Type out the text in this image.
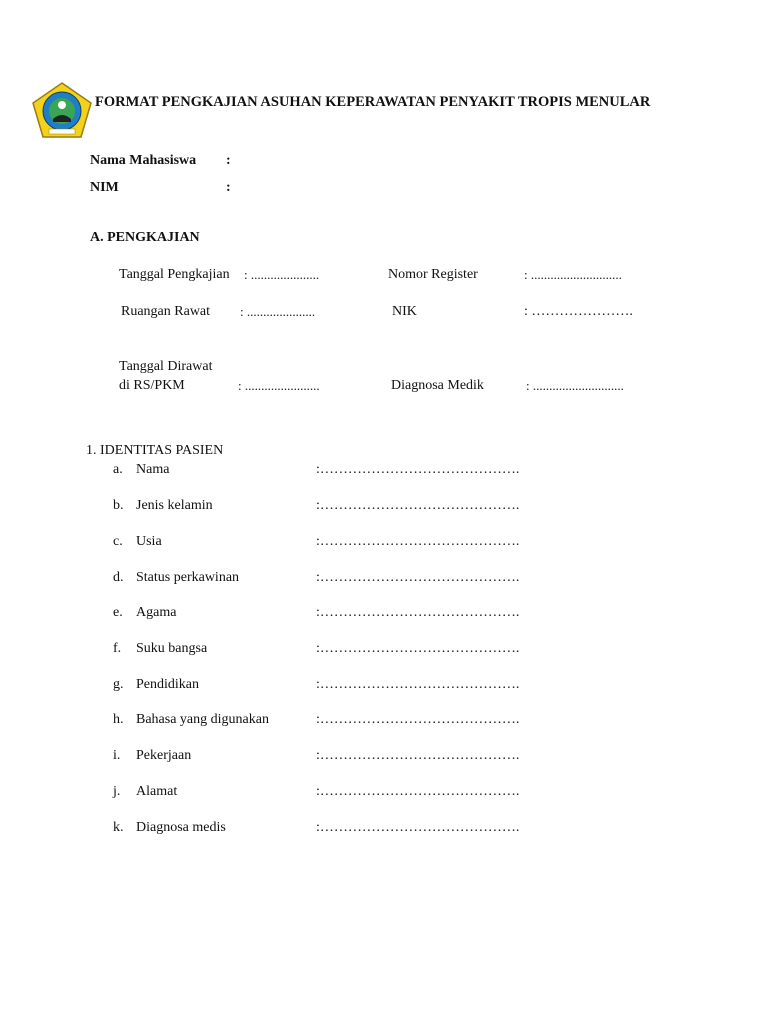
FORMAT PENGKAJIAN ASUHAN KEPERAWATAN PENYAKIT TROPIS MENULAR
Nama Mahasiswa :
NIM	:
A. PENGKAJIAN
Tanggal Pengkajian : .....................	Nomor Register	: ............................
Ruangan Rawat : .....................	NIK	: ………………….
Tanggal Dirawat
di RS/PKM	: .......................	Diagnosa Medik	: ............................
1. IDENTITAS PASIEN
a. Nama	:…………………………………….
b. Jenis kelamin	:…………………………………….
c. Usia	:…………………………………….
d. Status perkawinan	:…………………………………….
e. Agama	:…………………………………….
f. Suku bangsa	:…………………………………….
g. Pendidikan	:…………………………………….
h. Bahasa yang digunakan	:…………………………………….
i. Pekerjaan	:…………………………………….
j. Alamat	:…………………………………….
k. Diagnosa medis	:…………………………………….
